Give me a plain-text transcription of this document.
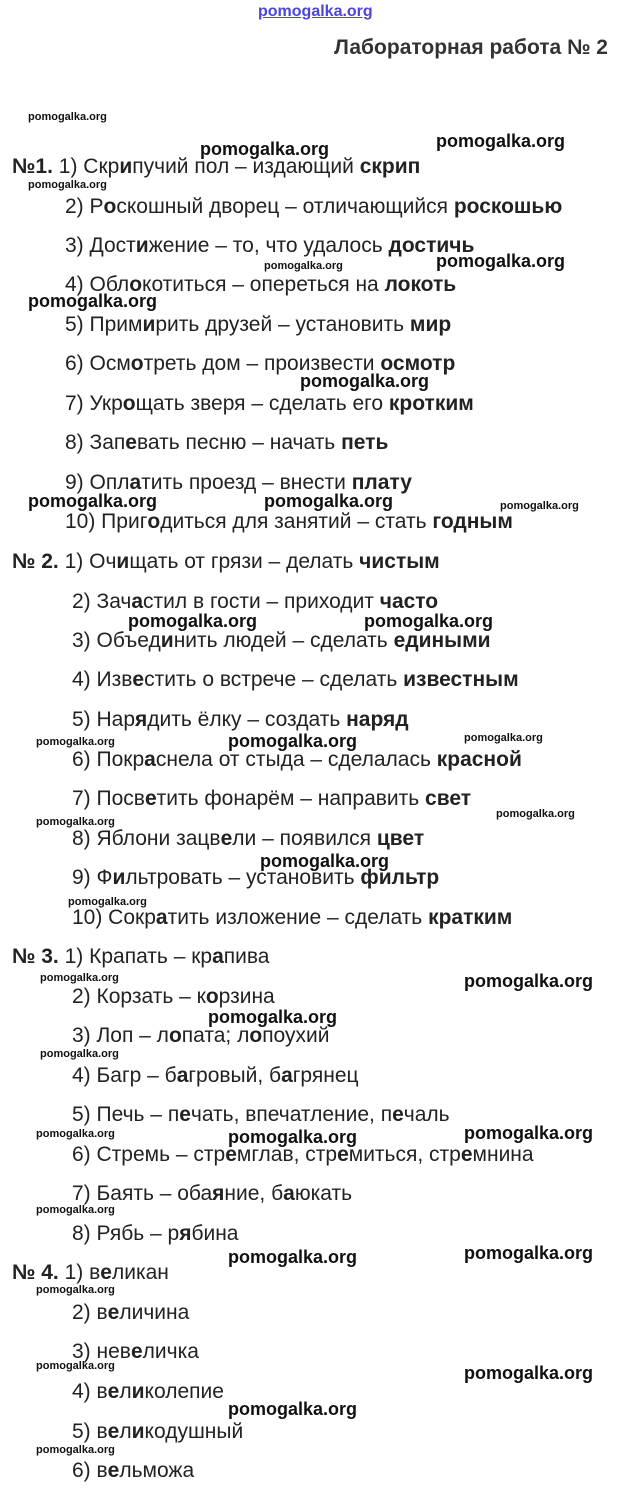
pomogalka.org
Лабораторная работа № 2
№1. 1) Скрипучий пол – издающий скрип
2) Роскошный дворец – отличающийся роскошью
3) Достижение – то, что удалось достичь
4) Облокотиться – опереться на локоть
5) Примирить друзей – установить мир
6) Осмотреть дом – произвести осмотр
7) Укрощать зверя – сделать его кротким
8) Запевать песню – начать петь
9) Оплатить проезд – внести плату
10) Пригодиться для занятий – стать годным
№ 2. 1) Очищать от грязи – делать чистым
2) Зачастил в гости – приходит часто
3) Объединить людей – сделать едиными
4) Известить о встрече – сделать известным
5) Нарядить ёлку – создать наряд
6) Покраснела от стыда – сделалась красной
7) Посветить фонарём – направить свет
8) Яблони зацвели – появился цвет
9) Фильтровать – установить фильтр
10) Сократить изложение – сделать кратким
№ 3. 1) Крапать – крапива
2) Корзать – корзина
3) Лоп – лопата; лопоухий
4) Багр – багровый, багрянец
5) Печь – печать, впечатление, печаль
6) Стремь – стремглав, стремиться, стремнина
7) Баять – обаяние, баюкать
8) Рябь – рябина
№ 4. 1) великан
2) величина
3) невеличка
4) великолепие
5) великодушный
6) вельможа
pomogalka.org	pomogalka.org
pomogalka.org
pomogalka.org
pomogalka.org
pomogalka.org	pomogalka.org
pomogalka.org	pomogalka.org
pomogalka.org
pomogalka.org
pomogalka.org
pomogalka.org
pomogalka.org	pomogalka.org
pomogalka.org	pomogalka.org
pomogalka.org
pomogalka.org
pomogalka.org
pomogalka.org
pomogalka.org
pomogalka.org
pomogalka.org	pomogalka.org
pomogalka.org
pomogalka.org
pomogalka.org
pomogalka.org
pomogalka.org
pomogalka.org
pomogalka.org
pomogalka.org
pomogalka.org
pomogalka.org
